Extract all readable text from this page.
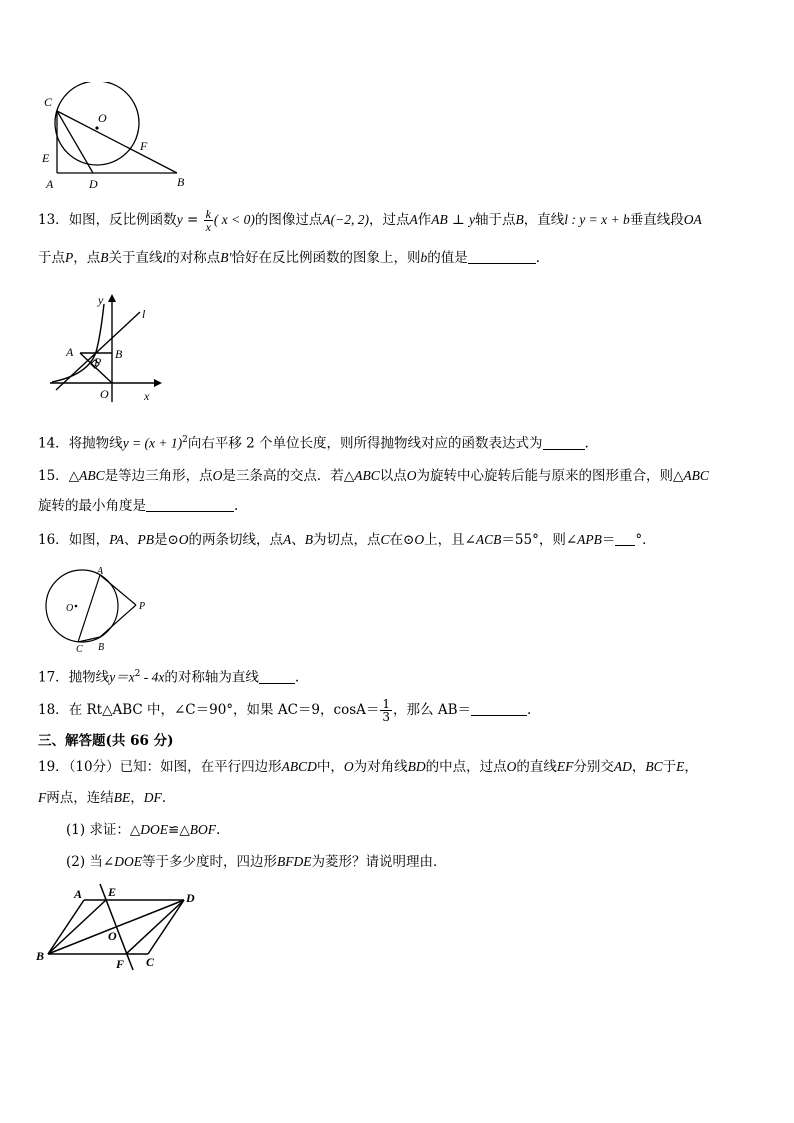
C
O
E
A	D
F
B
13．如图，反比例函数$y = \frac{k}{x}$ ( x < 0)的图像过点A(−2, 2)，过点A作AB ⊥ y轴于点B，直线l : y = x + b垂直线段OA
于点P，点B关于直线l的对称点B′恰好在反比例函数的图象上，则b的值是	．
y
l
A	B
P
O	x
14．将抛物线$y = (x + 1)^2$向右平移 2 个单位长度，则所得抛物线对应的函数表达式为	.
15．△ABC是等边三角形，点O是三条高的交点．若△ABC以点O为旋转中心旋转后能与原来的图形重合，则△ABC
旋转的最小角度是	.
16．如图，PA、PB是⊙O的两条切线，点A、B为切点，点C在⊙O上，且∠ACB＝55°，则∠APB＝ °．
A
O	P
B
C
17．抛物线$y=x^2 - 4x$的对称轴为直线	.
18．在 Rt△ABC 中，∠C＝90°，如果 AC＝9，$\cos A= \frac{1}{3}$ ，那么 AB＝	.
三、解答题(共 66 分)
19．（10分）已知：如图，在平行四边形ABCD中，O为对角线BD的中点，过点O的直线EF分别交AD，BC于E，
F两点，连结BE，DF.
(1) 求证：△DOE≌△BOF.
(2) 当∠DOE等于多少度时，四边形BFDE为菱形？请说明理由．
A E	D
O
B
F C
